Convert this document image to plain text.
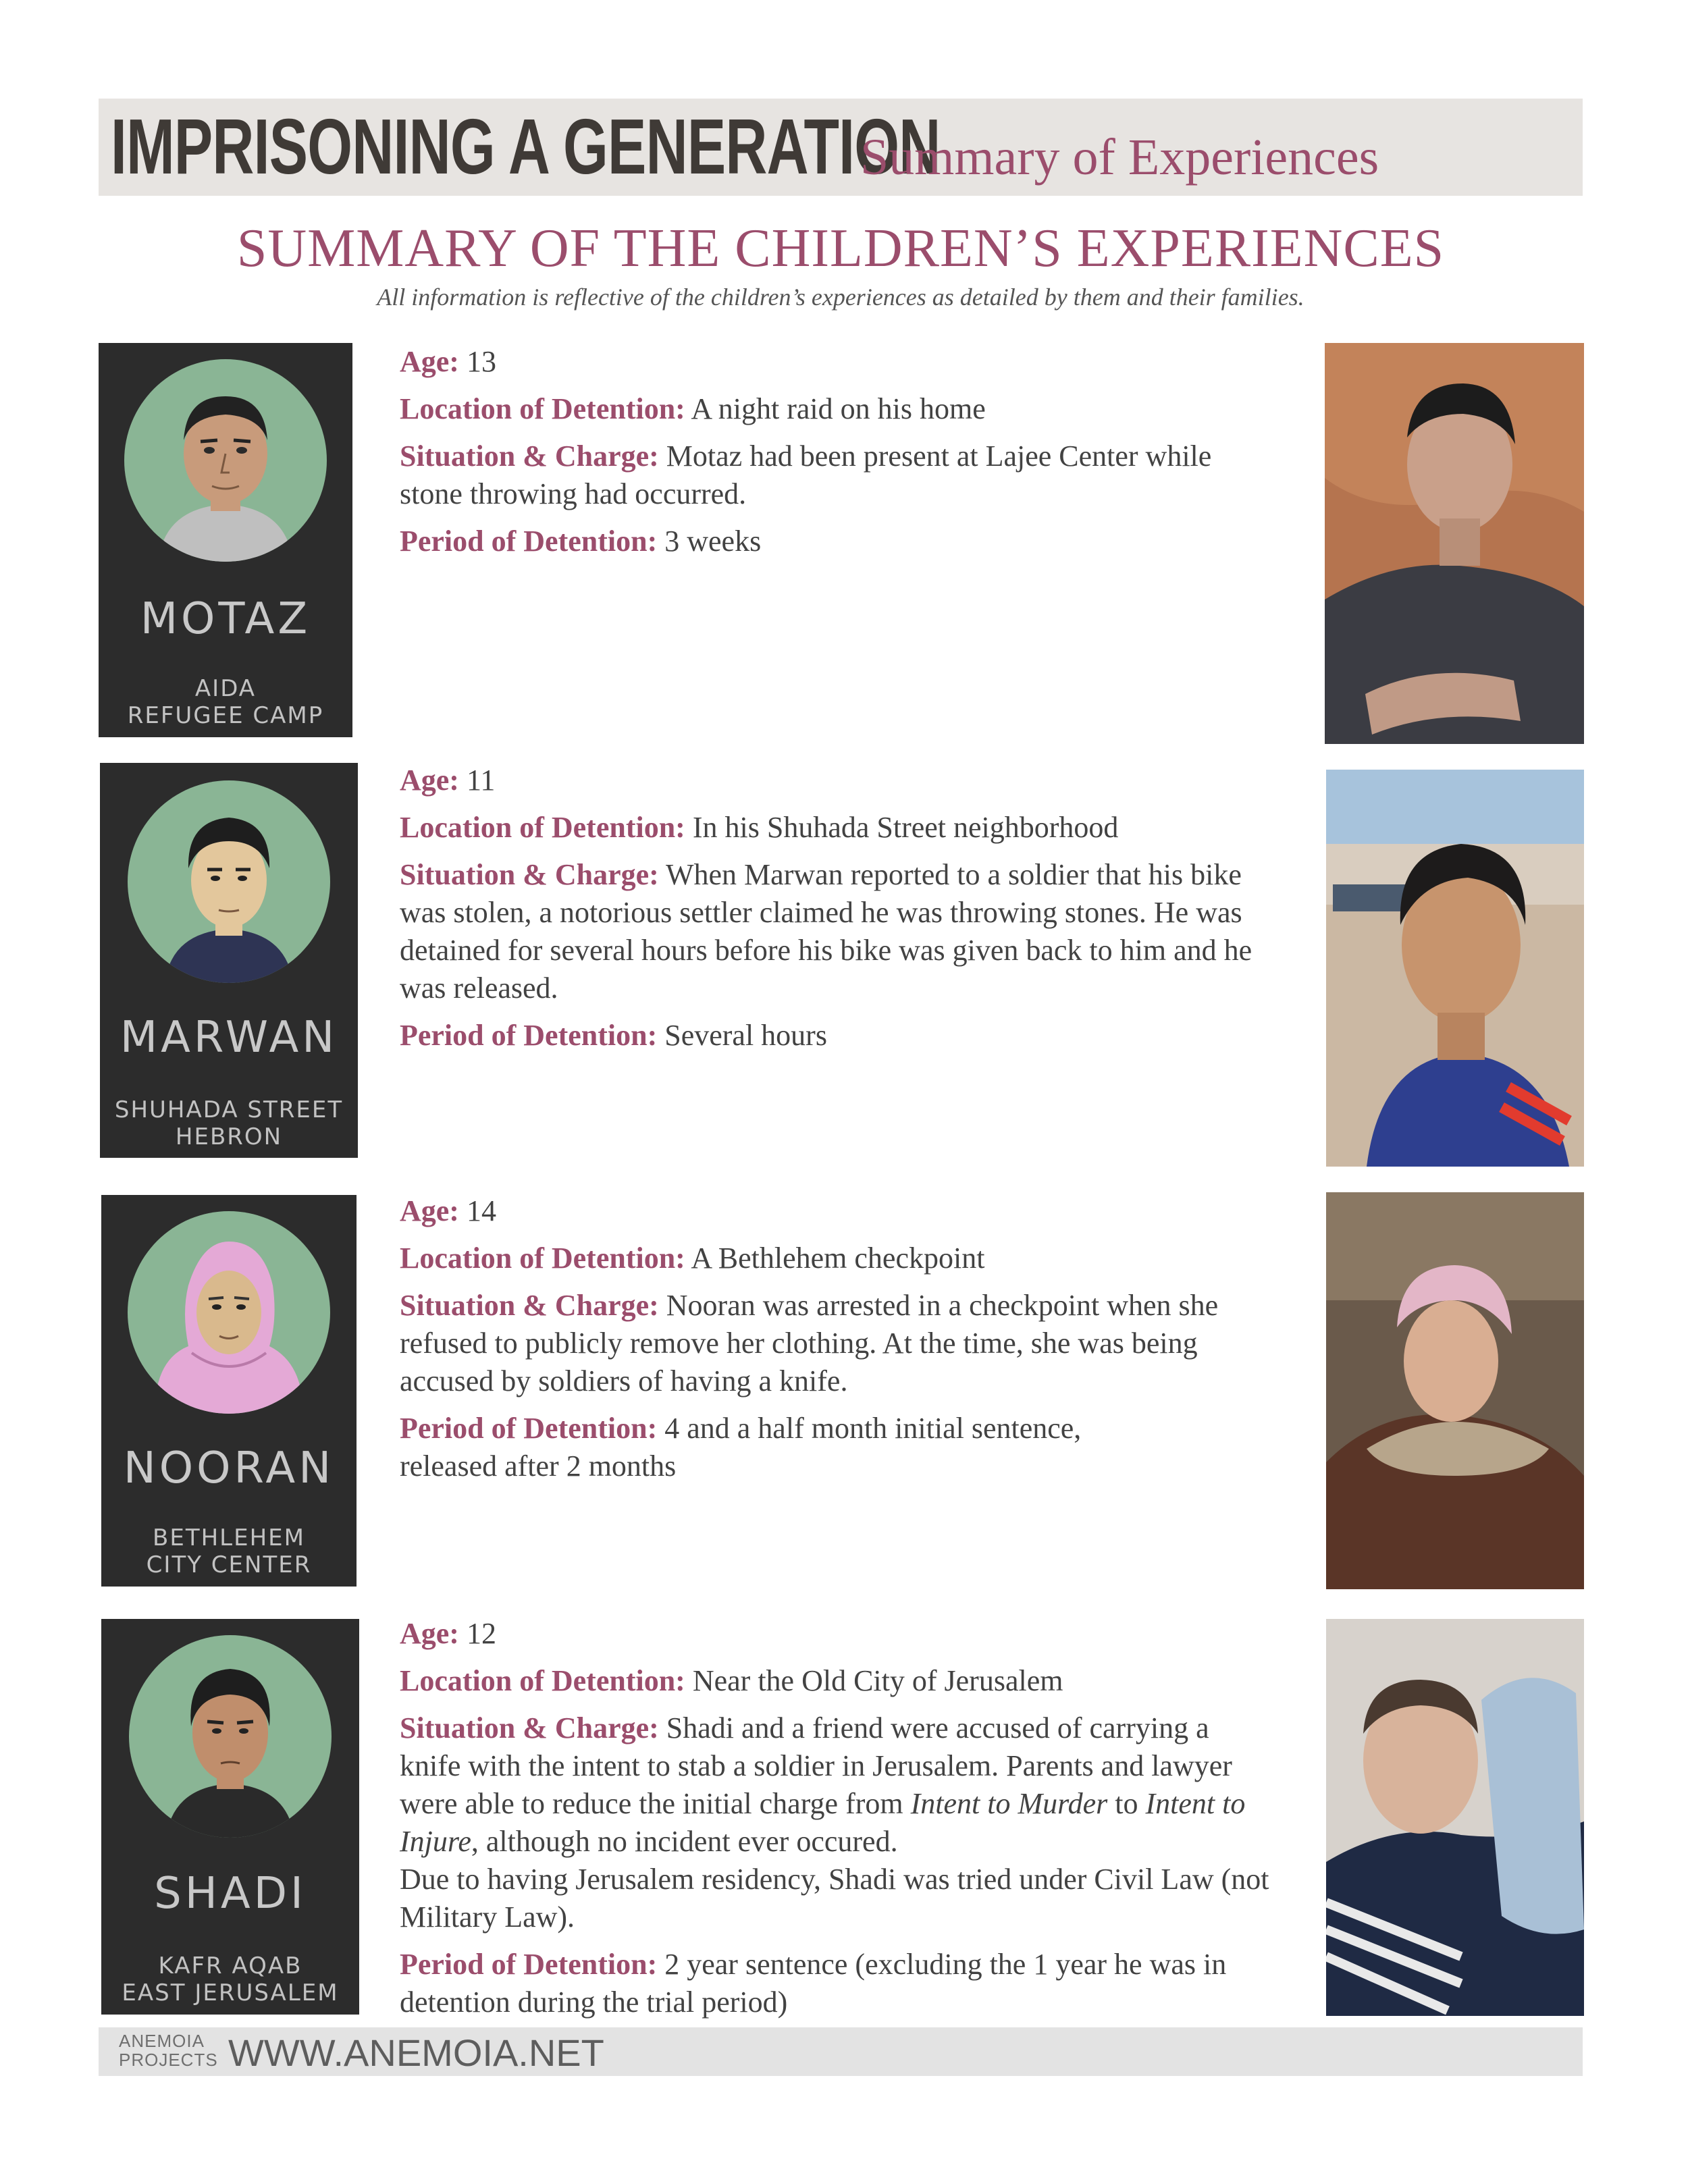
IMPRISONING A GENERATION
Summary of Experiences
SUMMARY OF THE CHILDREN’S EXPERIENCES
All information is reflective of the children’s experiences as detailed by them and their families.
MOTAZ
AIDA
REFUGEE CAMP
Age: 13
Location of Detention: A night raid on his home
Situation & Charge: Motaz had been present at Lajee Center while stone throwing had occurred.
Period of Detention: 3 weeks
MARWAN
SHUHADA STREET
HEBRON
Age: 11
Location of Detention: In his Shuhada Street neighborhood
Situation & Charge: When Marwan reported to a soldier that his bike was stolen, a notorious settler claimed he was throwing stones. He was detained for several hours before his bike was given back to him and he was released.
Period of Detention: Several hours
NOORAN
BETHLEHEM
CITY CENTER
Age: 14
Location of Detention: A Bethlehem checkpoint
Situation & Charge: Nooran was arrested in a checkpoint when she refused to publicly remove her clothing. At the time, she was being accused by soldiers of having a knife.
Period of Detention: 4 and a half month initial sentence, released after 2 months
SHADI
KAFR AQAB
EAST JERUSALEM
Age: 12
Location of Detention: Near the Old City of Jerusalem
Situation & Charge: Shadi and a friend were accused of carrying a knife with the intent to stab a soldier in Jerusalem. Parents and lawyer were able to reduce the initial charge from Intent to Murder to Intent to Injure, although no incident ever occured.
Due to having Jerusalem residency, Shadi was tried under Civil Law (not Military Law).
Period of Detention: 2 year sentence (excluding the 1 year he was in detention during the trial period)
ANEMOIA
PROJECTS WWW.ANEMOIA.NET
